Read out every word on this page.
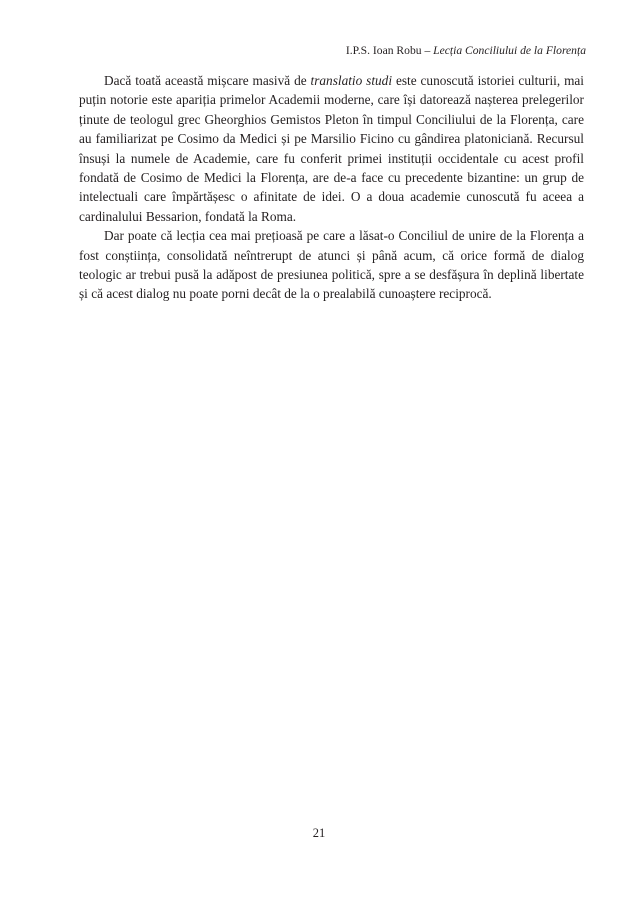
I.P.S. Ioan Robu – Lecția Conciliului de la Florența

Dacă toată această mișcare masivă de translatio studi este cunoscută istoriei culturii, mai puțin notorie este apariția primelor Academii moderne, care își datorează nașterea prelegerilor ținute de teologul grec Gheorghios Gemistos Pleton în timpul Conciliului de la Florența, care au familiarizat pe Cosimo da Medici și pe Marsilio Ficino cu gândirea platoniciană. Recursul însuși la numele de Academie, care fu conferit primei instituții occidentale cu acest profil fondată de Cosimo de Medici la Florența, are de-a face cu precedente bizantine: un grup de intelectuali care împărtășesc o afinitate de idei. O a doua academie cunoscută fu aceea a cardinalului Bessarion, fondată la Roma.

Dar poate că lecția cea mai prețioasă pe care a lăsat-o Conciliul de unire de la Florența a fost conștiința, consolidată neîntrerupt de atunci și până acum, că orice formă de dialog teologic ar trebui pusă la adăpost de presiunea politică, spre a se desfășura în deplină libertate și că acest dialog nu poate porni decât de la o prealabilă cunoaștere reciprocă.

21
